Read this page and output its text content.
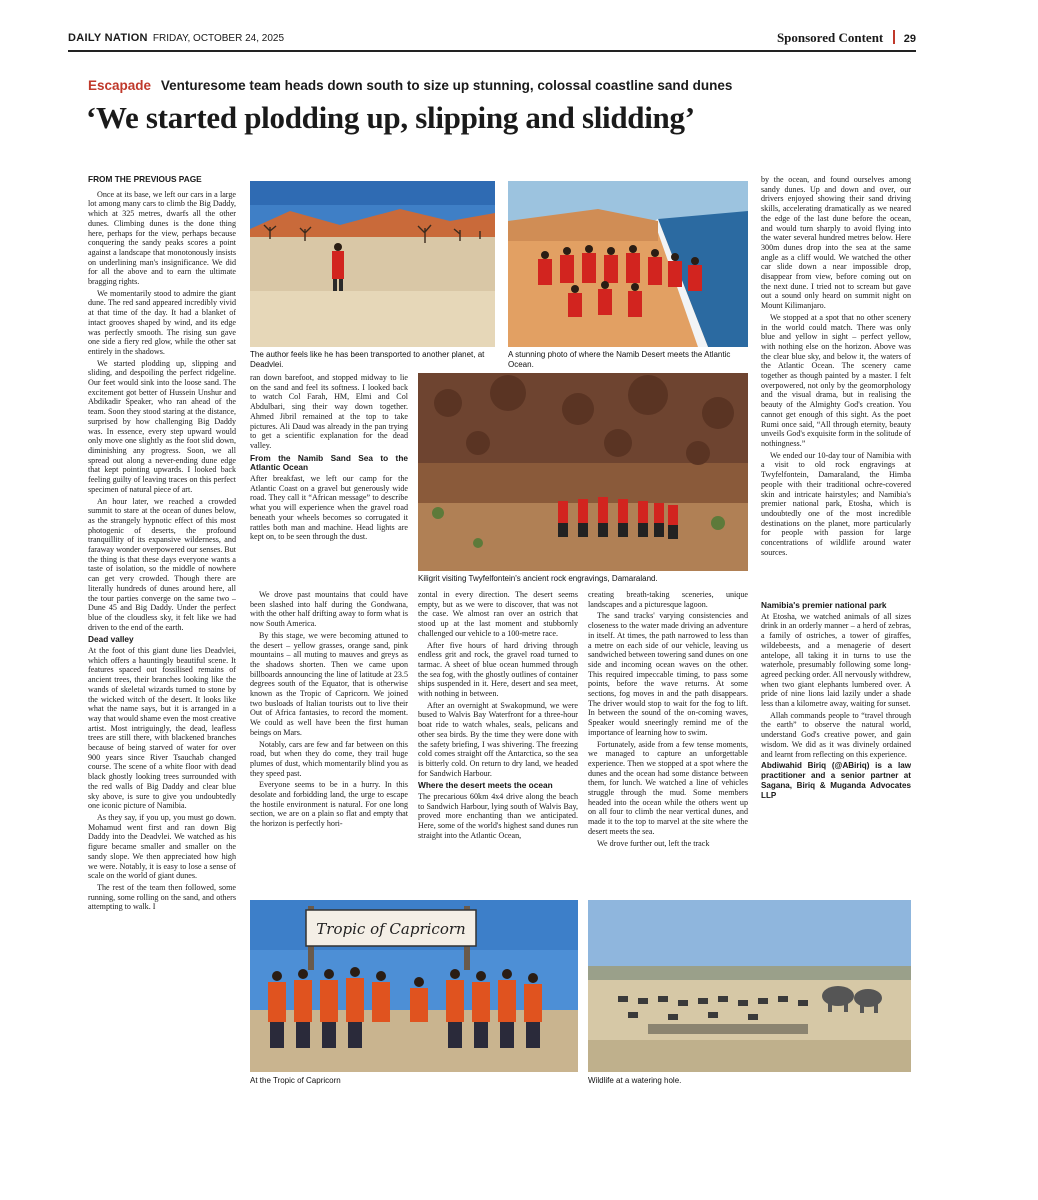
DAILY NATION FRIDAY, OCTOBER 24, 2025	Sponsored Content 29
Escapade Venturesome team heads down south to size up stunning, colossal coastline sand dunes
‘We started plodding up, slipping and slidding’
FROM THE PREVIOUS PAGE

Once at its base, we left our cars in a large lot among many cars to climb the Big Daddy, which at 325 metres, dwarfs all the other dunes. Climbing dunes is the done thing here, perhaps for the view, perhaps because conquering the sandy peaks scores a point against a landscape that monotonously insists on underlining man's insignificance. We did for all the above and to earn the ultimate bragging rights.

We momentarily stood to admire the giant dune. The red sand appeared incredibly vivid at that time of the day. It had a blanket of intact grooves shaped by wind, and its edge was perfectly smooth. The rising sun gave one side a fiery red glow, while the other sat entirely in the shadows.

We started plodding up, slipping and sliding, and despoiling the perfect ridgeline. Our feet would sink into the loose sand. The excitement got better of Hussein Unshur and Abdikadir Speaker, who ran ahead of the team. Soon they stood staring at the distance, surprised by how challenging Big Daddy was. In essence, every step upward would only move one slightly as the foot slid down, diminishing any progress. Soon, we all spread out along a never-ending dune edge that kept pointing upwards. I looked back feeling guilty of leaving traces on this perfect specimen of natural piece of art.

An hour later, we reached a crowded summit to stare at the ocean of dunes below, as the strangely hypnotic effect of this most photogenic of deserts, the profound tranquillity of its expansive wilderness, and faraway wonder overpowered our senses. But the thing is that these days everyone wants a taste of isolation, so the middle of nowhere can get very crowded. Though there are literally hundreds of dunes around here, all the tour parties converge on the same two – Dune 45 and Big Daddy. Under the perfect blue of the cloudless sky, it felt like we had driven to the end of the earth.

Dead valley

At the foot of this giant dune lies Deadvlei, which offers a hauntingly beautiful scene. It features spaced out fossilised remains of ancient trees, their branches looking like the wands of skeletal wizards turned to stone by the wicked witch of the desert. It looks like what the name says, but it is arranged in a way that would shame even the most creative artist. Most intriguingly, the dead, leafless trees are still there, with blackened branches because of being starved of water for over 900 years since River Tsauchab changed course. The scene of a white floor with dead black ghostly looking trees surrounded with the red walls of Big Daddy and clear blue sky above, is sure to give you undoubtedly one iconic picture of Namibia.

As they say, if you up, you must go down. Mohamud went first and ran down Big Daddy into the Deadvlei. We watched as his figure became smaller and smaller on the sandy slope. We then appreciated how high we were. Notably, it is easy to lose a sense of scale on the world of giant dunes.

The rest of the team then followed, some running, some rolling on the sand, and others attempting to walk. I

The author feels like he has been transported to another planet, at Deadvlei.
A stunning photo of where the Namib Desert meets the Atlantic Ocean.

ran down barefoot, and stopped midway to lie on the sand and feel its softness. I looked back to watch Col Farah, HM, Elmi and Col Abdulbari, sing their way down together. Ahmed Jibril remained at the top to take pictures. Ali Daud was already in the pan trying to get a scientific explanation for the dead valley.

From the Namib Sand Sea to the Atlantic Ocean

After breakfast, we left our camp for the Atlantic Coast on a gravel but generously wide road. They call it “African message” to describe what you will experience when the gravel road beneath your wheels becomes so corrugated it rattles both man and machine. Head lights are kept on, to be seen through the dust.

Kiligrit visiting Twyfelfontein's ancient rock engravings, Damaraland.

by the ocean, and found ourselves among sandy dunes. Up and down and over, our drivers enjoyed showing their sand driving skills, accelerating dramatically as we neared the edge of the last dune before the ocean, and would turn sharply to avoid flying into the water several hundred metres below. Here 300m dunes drop into the sea at the same angle as a cliff would. We watched the other car slide down a near impossible drop, disappear from view, before coming out on the next dune. I tried not to scream but gave out a sound only heard on summit night on Mount Kilimanjaro.

We stopped at a spot that no other scenery in the world could match. There was only blue and yellow in sight – perfect yellow, with nothing else on the horizon. Above was the clear blue sky, and below it, the waters of the Atlantic Ocean. The scenery came together as though painted by a master. I felt overpowered, not only by the geomorphology and the visual drama, but in realising the beauty of the Almighty God's creation. You cannot get enough of this sight. As the poet Rumi once said, “All through eternity, beauty unveils God's exquisite form in the solitude of nothingness.”

We ended our 10-day tour of Namibia with a visit to old rock engravings at Twyfelfontein, Damaraland, the Himba people with their traditional ochre-covered skin and intricate hairstyles; and Namibia's premier national park, Etosha, which is undoubtedly one of the most incredible destinations on the planet, more particularly for people with passion for large concentrations of wildlife around water sources.

Namibia's premier national park

At Etosha, we watched animals of all sizes drink in an orderly manner – a herd of zebras, a family of ostriches, a tower of giraffes, wildebeests, and a menagerie of desert antelope, all taking it in turns to use the waterhole, presumably following some long-agreed pecking order. All nervously withdrew, when two giant elephants lumbered over. A pride of nine lions laid lazily under a shade less than a kilometre away, waiting for sunset.

Allah commands people to “travel through the earth” to observe the natural world, understand God's creative power, and gain wisdom. We did as it was divinely ordained and learnt from reflecting on this experience.

Abdiwahid Biriq (@ABiriq) is a law practitioner and a senior partner at Sagana, Biriq & Muganda Advocates LLP

We drove past mountains that could have been slashed into half during the Gondwana, with the other half drifting away to form what is now South America.

By this stage, we were becoming attuned to the desert – yellow grasses, orange sand, pink mountains – all muting to mauves and greys as the shadows shorten. Then we came upon billboards announcing the line of latitude at 23.5 degrees south of the Equator, that is otherwise known as the Tropic of Capricorn. We joined two busloads of Italian tourists out to live their Out of Africa fantasies, to record the moment. We could as well have been the first human beings on Mars.

Notably, cars are few and far between on this road, but when they do come, they trail huge plumes of dust, which momentarily blind you as they speed past.

Everyone seems to be in a hurry. In this desolate and forbidding land, the urge to escape the hostile environment is natural. For one long section, we are on a plain so flat and empty that the horizon is perfectly hori-

zontal in every direction. The desert seems empty, but as we were to discover, that was not the case. We almost ran over an ostrich that stood up at the last moment and stubbornly challenged our vehicle to a 100-metre race.

After five hours of hard driving through endless grit and rock, the gravel road turned to tarmac. A sheet of blue ocean hummed through the sea fog, with the ghostly outlines of container ships suspended in it. Here, desert and sea meet, with nothing in between.

After an overnight at Swakopmund, we were bused to Walvis Bay Waterfront for a three-hour boat ride to watch whales, seals, pelicans and other sea birds. By the time they were done with the safety briefing, I was shivering. The freezing cold comes straight off the Antarctica, so the sea is bitterly cold. On return to dry land, we headed for Sandwich Harbour.

Where the desert meets the ocean

The precarious 60km 4x4 drive along the beach to Sandwich Harbour, lying south of Walvis Bay, proved more enchanting than we anticipated. Here, some of the world's highest sand dunes run straight into the Atlantic Ocean,

creating breath-taking sceneries, unique landscapes and a picturesque lagoon.

The sand tracks' varying consistencies and closeness to the water made driving an adventure in itself. At times, the path narrowed to less than a metre on each side of our vehicle, leaving us sandwiched between towering sand dunes on one side and incoming ocean waves on the other. This required impeccable timing, to pass some points, before the wave returns. At some sections, fog moves in and the path disappears. The driver would stop to wait for the fog to lift. In between the sound of the on-coming waves, Speaker would sneeringly remind me of the importance of learning how to swim.

Fortunately, aside from a few tense moments, we managed to capture an unforgettable experience. Then we stopped at a spot where the dunes and the ocean had some distance between them, for lunch. We watched a line of vehicles struggle through the mud. Some members headed into the ocean while the others went up on all four to climb the near vertical dunes, and made it to the top to marvel at the site where the desert meets the sea.

We drove further out, left the track

Tropic of Capricorn
At the Tropic of Capricorn	Wildlife at a watering hole.
